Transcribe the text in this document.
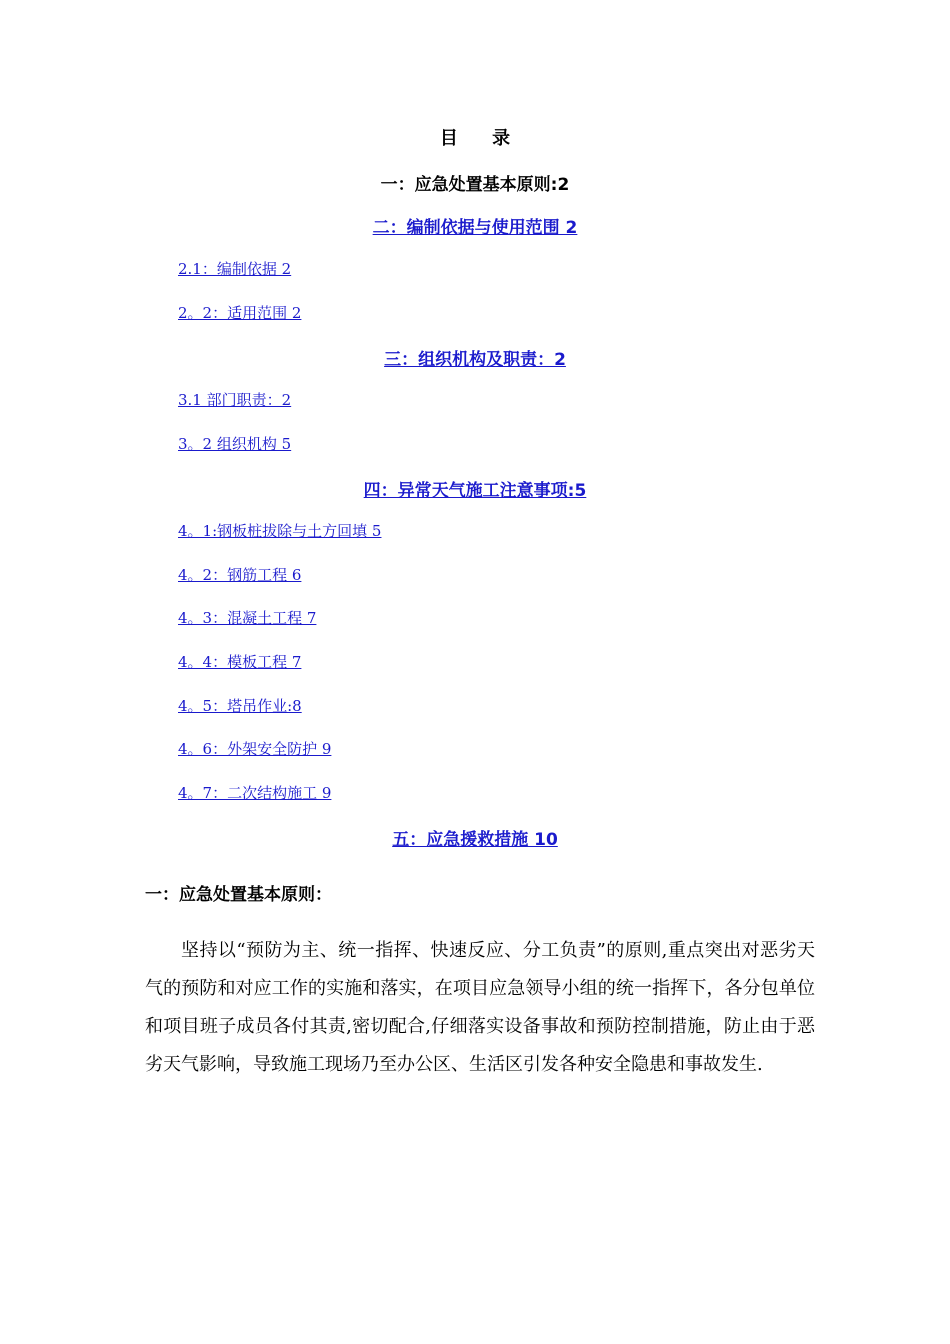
目 录
一：应急处置基本原则:2
二：编制依据与使用范围 2
2.1：编制依据 2
2。2：适用范围 2
三：组织机构及职责：2
3.1 部门职责：2
3。2 组织机构 5
四：异常天气施工注意事项:5
4。1:钢板桩拔除与土方回填 5
4。2：钢筋工程 6
4。3：混凝土工程 7
4。4：模板工程 7
4。5：塔吊作业:8
4。6：外架安全防护 9
4。7：二次结构施工 9
五：应急援救措施 10
一：应急处置基本原则：

坚持以“预防为主、统一指挥、快速反应、分工负责”的原则,重点突出对恶劣天气的预防和对应工作的实施和落实，在项目应急领导小组的统一指挥下，各分包单位和项目班子成员各付其责,密切配合,仔细落实设备事故和预防控制措施，防止由于恶劣天气影响，导致施工现场乃至办公区、生活区引发各种安全隐患和事故发生.
